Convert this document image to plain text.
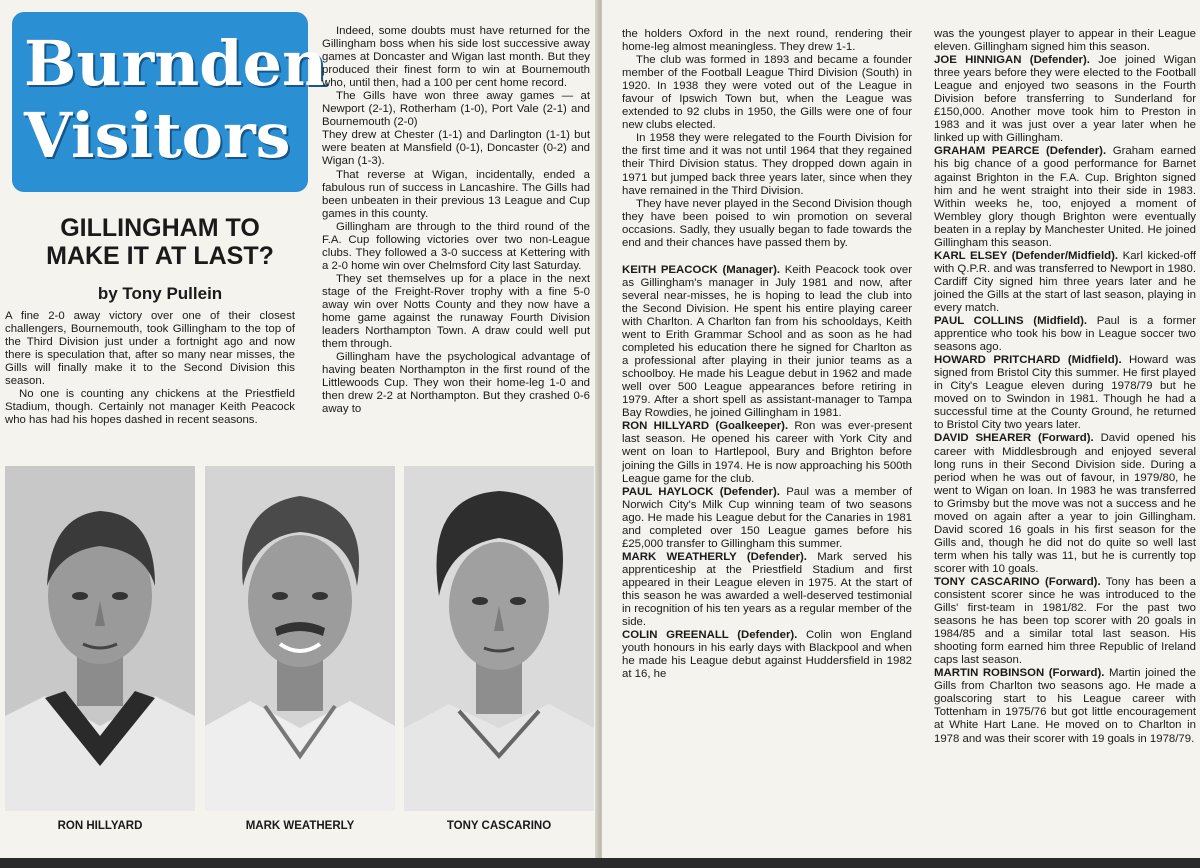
Burnden
Visitors
GILLINGHAM TO
MAKE IT AT LAST?
by Tony Pullein

A fine 2-0 away victory over one of their closest challengers, Bournemouth, took Gillingham to the top of the Third Division just under a fortnight ago and now there is speculation that, after so many near misses, the Gills will finally make it to the Second Division this season.

No one is counting any chickens at the Priestfield Stadium, though. Certainly not manager Keith Peacock who has had his hopes dashed in recent seasons.

Indeed, some doubts must have returned for the Gillingham boss when his side lost successive away games at Doncaster and Wigan last month. But they produced their finest form to win at Bournemouth who, until then, had a 100 per cent home record.

The Gills have won three away games — at Newport (2-1), Rotherham (1-0), Port Vale (2-1) and Bournemouth (2-0)

They drew at Chester (1-1) and Darlington (1-1) but were beaten at Mansfield (0-1), Doncaster (0-2) and Wigan (1-3).

That reverse at Wigan, incidentally, ended a fabulous run of success in Lancashire. The Gills had been unbeaten in their previous 13 League and Cup games in this county.

Gillingham are through to the third round of the F.A. Cup following victories over two non-League clubs. They followed a 3-0 success at Kettering with a 2-0 home win over Chelmsford City last Saturday.

They set themselves up for a place in the next stage of the Freight-Rover trophy with a fine 5-0 away win over Notts County and they now have a home game against the runaway Fourth Division leaders Northampton Town. A draw could well put them through.

Gillingham have the psychological advantage of having beaten Northampton in the first round of the Littlewoods Cup. They won their home-leg 1-0 and then drew 2-2 at Northampton. But they crashed 0-6 away to

RON HILLYARD	MARK WEATHERLY	TONY CASCARINO

the holders Oxford in the next round, rendering their home-leg almost meaningless. They drew 1-1.

The club was formed in 1893 and became a founder member of the Football League Third Division (South) in 1920. In 1938 they were voted out of the League in favour of Ipswich Town but, when the League was extended to 92 clubs in 1950, the Gills were one of four new clubs elected.

In 1958 they were relegated to the Fourth Division for the first time and it was not until 1964 that they regained their Third Division status. They dropped down again in 1971 but jumped back three years later, since when they have remained in the Third Division.

They have never played in the Second Division though they have been poised to win promotion on several occasions. Sadly, they usually began to fade towards the end and their chances have passed them by.

KEITH PEACOCK (Manager). Keith Peacock took over as Gillingham's manager in July 1981 and now, after several near-misses, he is hoping to lead the club into the Second Division. He spent his entire playing career with Charlton. A Charlton fan from his schooldays, Keith went to Erith Grammar School and as soon as he had completed his education there he signed for Charlton as a professional after playing in their junior teams as a schoolboy. He made his League debut in 1962 and made well over 500 League appearances before retiring in 1979. After a short spell as assistant-manager to Tampa Bay Rowdies, he joined Gillingham in 1981.

RON HILLYARD (Goalkeeper). Ron was ever-present last season. He opened his career with York City and went on loan to Hartlepool, Bury and Brighton before joining the Gills in 1974. He is now approaching his 500th League game for the club.

PAUL HAYLOCK (Defender). Paul was a member of Norwich City's Milk Cup winning team of two seasons ago. He made his League debut for the Canaries in 1981 and completed over 150 League games before his £25,000 transfer to Gillingham this summer.

MARK WEATHERLY (Defender). Mark served his apprenticeship at the Priestfield Stadium and first appeared in their League eleven in 1975. At the start of this season he was awarded a well-deserved testimonial in recognition of his ten years as a regular member of the side.

COLIN GREENALL (Defender). Colin won England youth honours in his early days with Blackpool and when he made his League debut against Huddersfield in 1982 at 16, he

was the youngest player to appear in their League eleven. Gillingham signed him this season.

JOE HINNIGAN (Defender). Joe joined Wigan three years before they were elected to the Football League and enjoyed two seasons in the Fourth Division before transferring to Sunderland for £150,000. Another move took him to Preston in 1983 and it was just over a year later when he linked up with Gillingham.

GRAHAM PEARCE (Defender). Graham earned his big chance of a good performance for Barnet against Brighton in the F.A. Cup. Brighton signed him and he went straight into their side in 1983. Within weeks he, too, enjoyed a moment of Wembley glory though Brighton were eventually beaten in a replay by Manchester United. He joined Gillingham this season.

KARL ELSEY (Defender/Midfield). Karl kicked-off with Q.P.R. and was transferred to Newport in 1980. Cardiff City signed him three years later and he joined the Gills at the start of last season, playing in every match.

PAUL COLLINS (Midfield). Paul is a former apprentice who took his bow in League soccer two seasons ago.

HOWARD PRITCHARD (Midfield). Howard was signed from Bristol City this summer. He first played in City's League eleven during 1978/79 but he moved on to Swindon in 1981. Though he had a successful time at the County Ground, he returned to Bristol City two years later.

DAVID SHEARER (Forward). David opened his career with Middlesbrough and enjoyed several long runs in their Second Division side. During a period when he was out of favour, in 1979/80, he went to Wigan on loan. In 1983 he was transferred to Grimsby but the move was not a success and he moved on again after a year to join Gillingham. David scored 16 goals in his first season for the Gills and, though he did not do quite so well last term when his tally was 11, but he is currently top scorer with 10 goals.

TONY CASCARINO (Forward). Tony has been a consistent scorer since he was introduced to the Gills' first-team in 1981/82. For the past two seasons he has been top scorer with 20 goals in 1984/85 and a similar total last season. His shooting form earned him three Republic of Ireland caps last season.

MARTIN ROBINSON (Forward). Martin joined the Gills from Charlton two seasons ago. He made a goalscoring start to his League career with Tottenham in 1975/76 but got little encouragement at White Hart Lane. He moved on to Charlton in 1978 and was their scorer with 19 goals in 1978/79.
